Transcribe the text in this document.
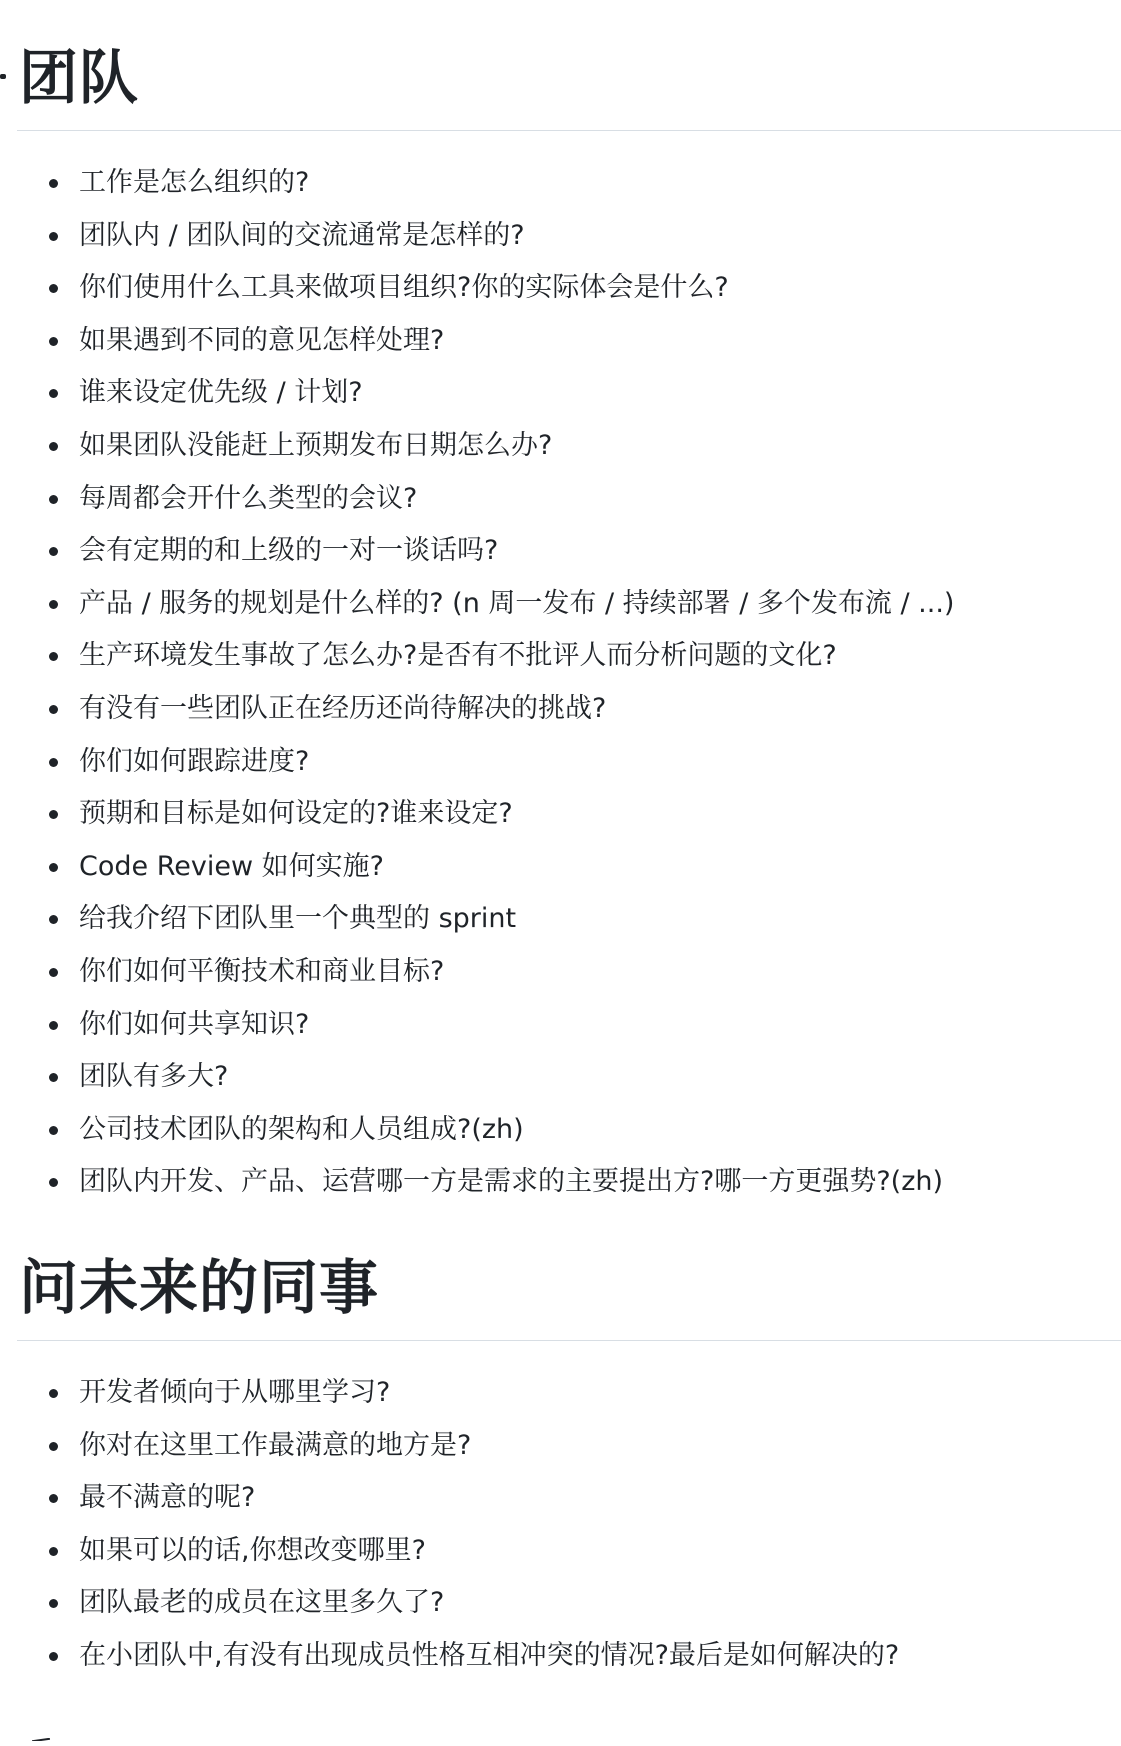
团队
工作是怎么组织的?
团队内 / 团队间的交流通常是怎样的?
你们使用什么工具来做项目组织?你的实际体会是什么?
如果遇到不同的意见怎样处理?
谁来设定优先级 / 计划?
如果团队没能赶上预期发布日期怎么办?
每周都会开什么类型的会议?
会有定期的和上级的一对一谈话吗?
产品 / 服务的规划是什么样的? (n 周一发布 / 持续部署 / 多个发布流 / ...)
生产环境发生事故了怎么办?是否有不批评人而分析问题的文化?
有没有一些团队正在经历还尚待解决的挑战?
你们如何跟踪进度?
预期和目标是如何设定的?谁来设定?
Code Review 如何实施?
给我介绍下团队里一个典型的 sprint
你们如何平衡技术和商业目标?
你们如何共享知识?
团队有多大?
公司技术团队的架构和人员组成?(zh)
团队内开发、产品、运营哪一方是需求的主要提出方?哪一方更强势?(zh)
问未来的同事
开发者倾向于从哪里学习?
你对在这里工作最满意的地方是?
最不满意的呢?
如果可以的话,你想改变哪里?
团队最老的成员在这里多久了?
在小团队中,有没有出现成员性格互相冲突的情况?最后是如何解决的?
